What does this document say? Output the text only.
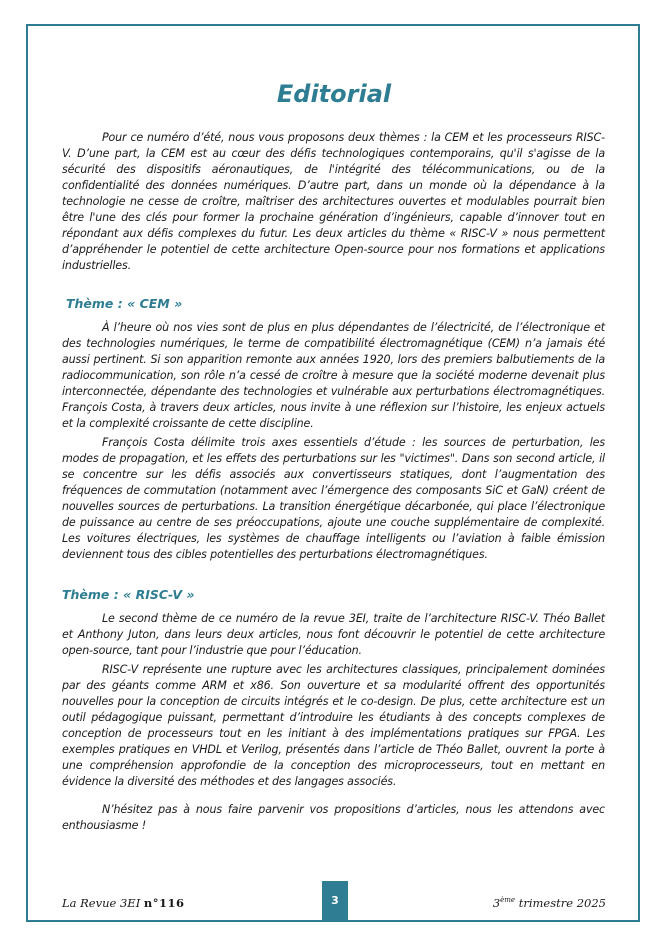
Editorial

Pour ce numéro d’été, nous vous proposons deux thèmes : la CEM et les processeurs RISC-V. D’une part, la CEM est au cœur des défis technologiques contemporains, qu'il s'agisse de la sécurité des dispositifs aéronautiques, de l'intégrité des télécommunications, ou de la confidentialité des données numériques. D’autre part, dans un monde où la dépendance à la technologie ne cesse de croître, maîtriser des architectures ouvertes et modulables pourrait bien être l'une des clés pour former la prochaine génération d’ingénieurs, capable d’innover tout en répondant aux défis complexes du futur. Les deux articles du thème « RISC-V » nous permettent d’appréhender le potentiel de cette architecture Open-source pour nos formations et applications industrielles.

Thème : « CEM »

À l’heure où nos vies sont de plus en plus dépendantes de l’électricité, de l’électronique et des technologies numériques, le terme de compatibilité électromagnétique (CEM) n’a jamais été aussi pertinent. Si son apparition remonte aux années 1920, lors des premiers balbutiements de la radiocommunication, son rôle n’a cessé de croître à mesure que la société moderne devenait plus interconnectée, dépendante des technologies et vulnérable aux perturbations électromagnétiques. François Costa, à travers deux articles, nous invite à une réflexion sur l’histoire, les enjeux actuels et la complexité croissante de cette discipline.

François Costa délimite trois axes essentiels d’étude : les sources de perturbation, les modes de propagation, et les effets des perturbations sur les "victimes". Dans son second article, il se concentre sur les défis associés aux convertisseurs statiques, dont l’augmentation des fréquences de commutation (notamment avec l’émergence des composants SiC et GaN) créent de nouvelles sources de perturbations. La transition énergétique décarbonée, qui place l’électronique de puissance au centre de ses préoccupations, ajoute une couche supplémentaire de complexité. Les voitures électriques, les systèmes de chauffage intelligents ou l’aviation à faible émission deviennent tous des cibles potentielles des perturbations électromagnétiques.

Thème : « RISC-V »

Le second thème de ce numéro de la revue 3EI, traite de l’architecture RISC-V. Théo Ballet et Anthony Juton, dans leurs deux articles, nous font découvrir le potentiel de cette architecture open-source, tant pour l’industrie que pour l’éducation.

RISC-V représente une rupture avec les architectures classiques, principalement dominées par des géants comme ARM et x86. Son ouverture et sa modularité offrent des opportunités nouvelles pour la conception de circuits intégrés et le co-design. De plus, cette architecture est un outil pédagogique puissant, permettant d’introduire les étudiants à des concepts complexes de conception de processeurs tout en les initiant à des implémentations pratiques sur FPGA. Les exemples pratiques en VHDL et Verilog, présentés dans l’article de Théo Ballet, ouvrent la porte à une compréhension approfondie de la conception des microprocesseurs, tout en mettant en évidence la diversité des méthodes et des langages associés.

N’hésitez pas à nous faire parvenir vos propositions d’articles, nous les attendons avec enthousiasme !

La Revue 3EI n°116	3	3ème trimestre 2025
